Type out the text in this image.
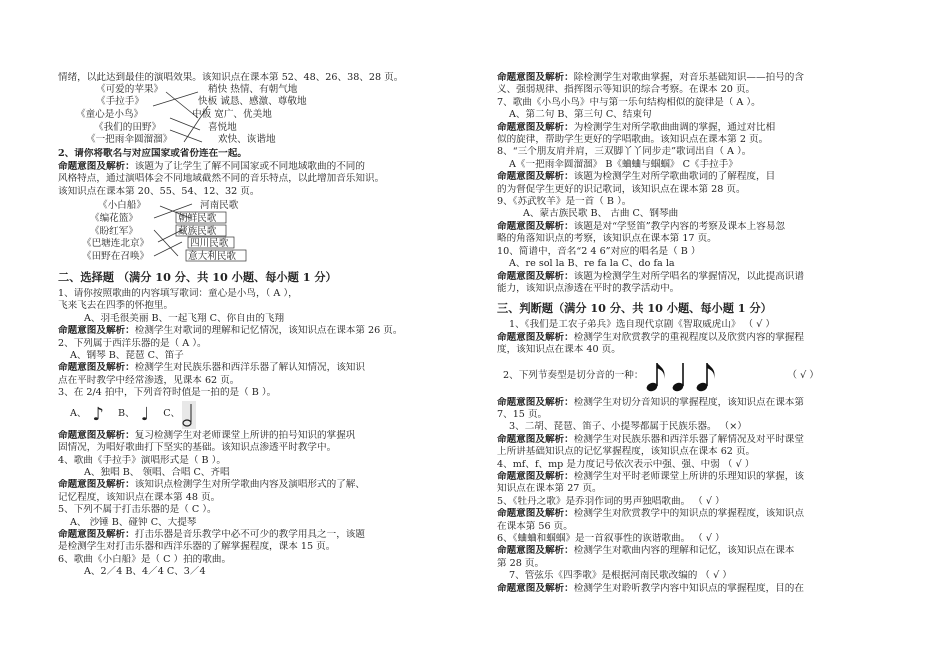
情绪，以此达到最佳的演唱效果。该知识点在课本第 52、48、26、38、28 页。
《可爱的苹果》
《手拉手》
《童心是小鸟》
《我们的田野》
《一把雨伞圆溜溜》
稍快 热情、有朝气地
快板 诚恳、感激、尊敬地
中板 宽广、优美地
喜悦地
欢快、诙谐地
2、请你将歌名与对应国家或省份连在一起。
命题意图及解析：该题为了让学生了解不同国家或不同地域歌曲的不同的
风格特点，通过演唱体会不同地域截然不同的音乐特点，以此增加音乐知识。
该知识点在课本第 20、55、54、12、32 页。
《小白船》
《编花篮》
《盼红军》
《巴塘连北京》
《田野在召唤》
河南民歌
朝鲜民歌
藏族民歌
四川民歌
意大利民歌
二、选择题 （满分 10 分、共 10 小题、每小题 1 分）
1、请你按照歌曲的内容填写歌词：童心是小鸟，（ A ），
飞来飞去在四季的怀抱里。
A、羽毛很美丽 B、一起飞翔 C、你自由的飞翔
命题意图及解析：检测学生对歌词的理解和记忆情况，该知识点在课本第 26 页。
2、下列属于西洋乐器的是（ A ）。
A、钢琴 B、琵琶 C、笛子
命题意图及解析：检测学生对民族乐器和西洋乐器了解认知情况，该知识
点在平时教学中经常渗透，见课本 62 页。
3、在 2/4 拍中，下列音符时值是一拍的是（ B ）。
A、 ♪ B、 ♩ C、
命题意图及解析：复习检测学生对老师课堂上所讲的拍号知识的掌握巩
固情况，为唱好歌曲打下坚实的基础。该知识点渗透平时教学中。
4、歌曲《手拉手》演唱形式是（ B ）。
A、独唱 B、 领唱、合唱 C、齐唱
命题意图及解析：该知识点检测学生对所学歌曲内容及演唱形式的了解、
记忆程度，该知识点在课本第 48 页。
5、下列不属于打击乐器的是（ C ）。
A、 沙锤 B、碰钟 C、大提琴
命题意图及解析：打击乐器是音乐教学中必不可少的教学用具之一，该题
是检测学生对打击乐器和西洋乐器的了解掌握程度，课本 15 页。
6、歌曲《小白船》是（ C ）拍的歌曲。
A、2／4 B、4／4 C、3／4
命题意图及解析：除检测学生对歌曲掌握，对音乐基础知识——拍号的含
义、强弱规律、指挥图示等知识的综合考察。在课本 20 页。
7、歌曲《小鸟小鸟》中与第一乐句结构相似的旋律是（ A ）。
A、第二句 B、第三句 C、结束句
命题意图及解析：为检测学生对所学歌曲曲调的掌握，通过对比相
似的旋律，帮助学生更好的学唱歌曲。该知识点在课本第 2 页。
8、“三个朋友肩并肩，三双脚丫丫同步走”歌词出自（ A ）。
A《一把雨伞圆溜溜》 B《蛐蛐与蝈蝈》 C《手拉手》
命题意图及解析：该题为检测学生对所学歌曲歌词的了解程度，目
的为督促学生更好的识记歌词，该知识点在课本第 28 页。
9、《苏武牧羊》是一首（ B ）。
A、蒙古族民歌 B、 古曲 C、钢琴曲
命题意图及解析：该题是对“学竖笛”教学内容的考察及课本上容易忽
略的角落知识点的考察，该知识点在课本第 17 页。
10、简谱中，音名“2 4 6”对应的唱名是（ B ）
A、re sol la B、re fa la C、do fa la
命题意图及解析：该题为检测学生对所学唱名的掌握情况，以此提高识谱
能力，该知识点渗透在平时的教学活动中。
三、判断题（满分 10 分、共 10 小题、每小题 1 分）
1、《我们是工农子弟兵》选自现代京剧《智取威虎山》 （ √ ）
命题意图及解析：检测学生对欣赏教学的重视程度以及欣赏内容的掌握程
度，该知识点在课本 40 页。
2、下列节奏型是切分音的一种：	（ √ ）
命题意图及解析：检测学生对切分音知识的掌握程度，该知识点在课本第
7、15 页。
3、二胡、琵琶、笛子、小提琴都属于民族乐器。 （×）
命题意图及解析：检测学生对民族乐器和西洋乐器了解情况及对平时课堂
上所讲基础知识点的记忆掌握程度，该知识点在课本 62 页。
4、mf、f、mp 是力度记号依次表示中强、强、中弱 （ √ ）
命题意图及解析：检测学生对平时老师课堂上所讲的乐理知识的掌握，该
知识点在课本第 27 页。
5、《牡丹之歌》是乔羽作词的男声独唱歌曲。 （ √ ）
命题意图及解析：检测学生对欣赏教学中的知识点的掌握程度，该知识点
在课本第 56 页。
6、《蛐蛐和蝈蝈》是一首叙事性的诙谐歌曲。 （ √ ）
命题意图及解析：检测学生对歌曲内容的理解和记忆，该知识点在课本
第 28 页。
7、管弦乐《四季歌》是根据河南民歌改编的 （ √ ）
命题意图及解析：检测学生对聆听教学内容中知识点的掌握程度，目的在
